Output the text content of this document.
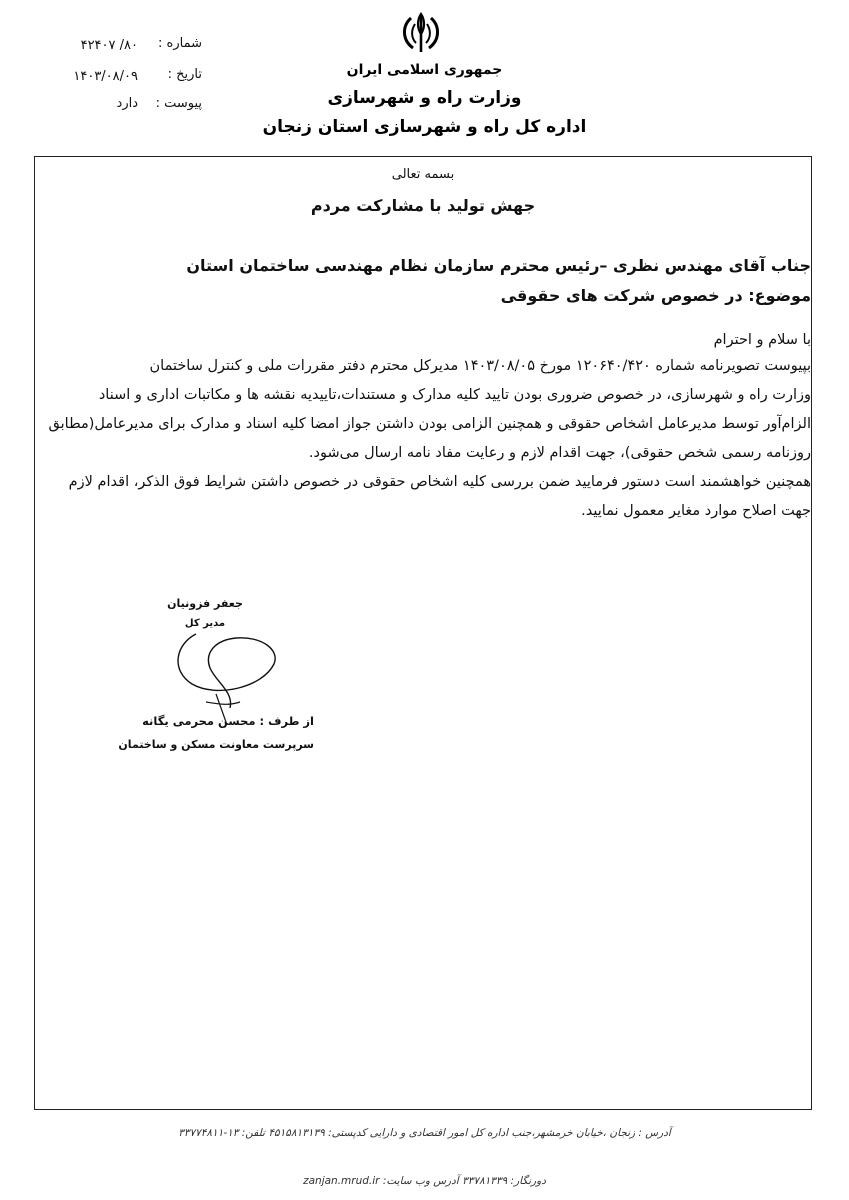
شماره :
۸۰/ ۴۲۴۰۷
تاریخ :
۱۴۰۳/۰۸/۰۹
پیوست :
دارد
جمهوری اسلامی ایران
وزارت راه و شهرسازی
اداره کل راه و شهرسازی استان زنجان
بسمه تعالی
جهش تولید با مشارکت مردم
جناب آقای مهندس نظری –رئیس محترم سازمان نظام مهندسی ساختمان استان
موضوع: در خصوص شرکت های حقوقی
با سلام و احترام
بپیوست تصویرنامه شماره ۱۲۰۶۴۰/۴۲۰ مورخ ۱۴۰۳/۰۸/۰۵ مدیرکل محترم دفتر مقررات ملی و کنترل ساختمان
وزارت راه و شهرسازی، در خصوص ضروری بودن تایید کلیه مدارک و مستندات،تاییدیه نقشه ها و مکاتبات اداری و اسناد
الزام‌آور توسط مدیرعامل اشخاص حقوقی و همچنین الزامی بودن داشتن جواز امضا کلیه اسناد و مدارک برای مدیرعامل(مطابق
روزنامه رسمی شخص حقوقی)، جهت اقدام لازم و رعایت مفاد نامه ارسال می‌شود.
همچنین خواهشمند است دستور فرمایید ضمن بررسی کلیه اشخاص حقوقی در خصوص داشتن شرایط فوق الذکر، اقدام لازم
جهت اصلاح موارد مغایر معمول نمایید.
جعفر فزونیان
مدیر کل
از طرف : محسن محرمی یگانه
سرپرست معاونت مسکن و ساختمان
آدرس : زنجان ،خیابان خرمشهر،جنب اداره کل امور اقتصادی و دارایی کدپستی: ۴۵۱۵۸۱۳۱۳۹ تلفن: ۱۳-۳۳۷۷۴۸۱۱
دورنگار: ۳۳۷۸۱۳۳۹ آدرس وب سایت: zanjan.mrud.ir
